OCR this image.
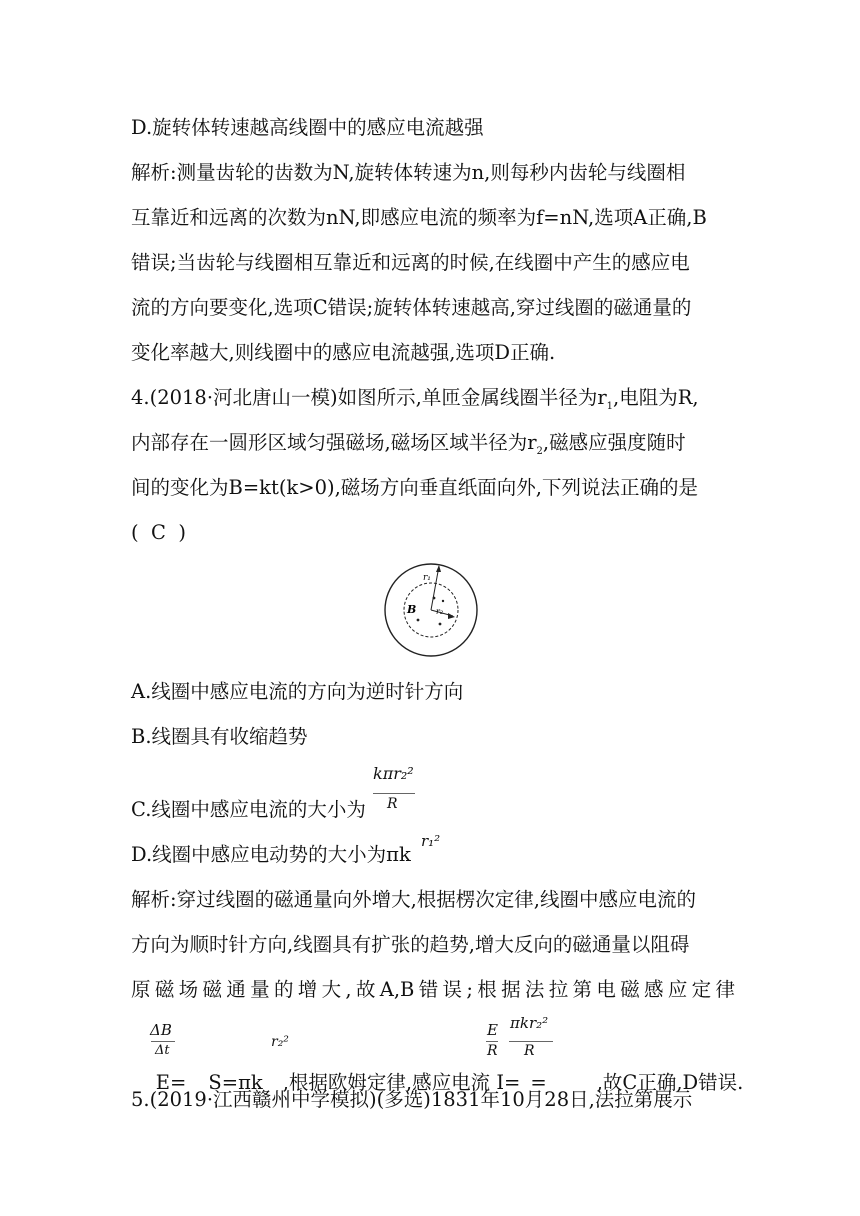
D.旋转体转速越高线圈中的感应电流越强
解析:测量齿轮的齿数为N,旋转体转速为n,则每秒内齿轮与线圈相
互靠近和远离的次数为nN,即感应电流的频率为f=nN,选项A正确,B
错误;当齿轮与线圈相互靠近和远离的时候,在线圈中产生的感应电
流的方向要变化,选项C错误;旋转体转速越高,穿过线圈的磁通量的
变化率越大,则线圈中的感应电流越强,选项D正确.
4.(2018·河北唐山一模)如图所示,单匝金属线圈半径为$r_1$,电阻为R,
内部存在一圆形区域匀强磁场,磁场区域半径为$r_2$,磁感应强度随时
间的变化为B=kt(k>0),磁场方向垂直纸面向外,下列说法正确的是
(  C  )
r₁
r₂
B
A.线圈中感应电流的方向为逆时针方向
B.线圈具有收缩趋势
C.线圈中感应电流的大小为
kπr₂²
R
D.线圈中感应电动势的大小为πk
r₁²
解析:穿过线圈的磁通量向外增大,根据楞次定律,线圈中感应电流的
方向为顺时针方向,线圈具有扩张的趋势,增大反向的磁通量以阻碍
原磁场磁通量的增大,故A,B错误;根据法拉第电磁感应定律
ΔB

E= S=πk ,根据欧姆定律,感应电流 I= =	,故C正确,D错误.

Δt
r₂²
E
R
πkr₂²
R
5.(2019·江西赣州中学模拟)(多选)1831年10月28日,法拉第展示
